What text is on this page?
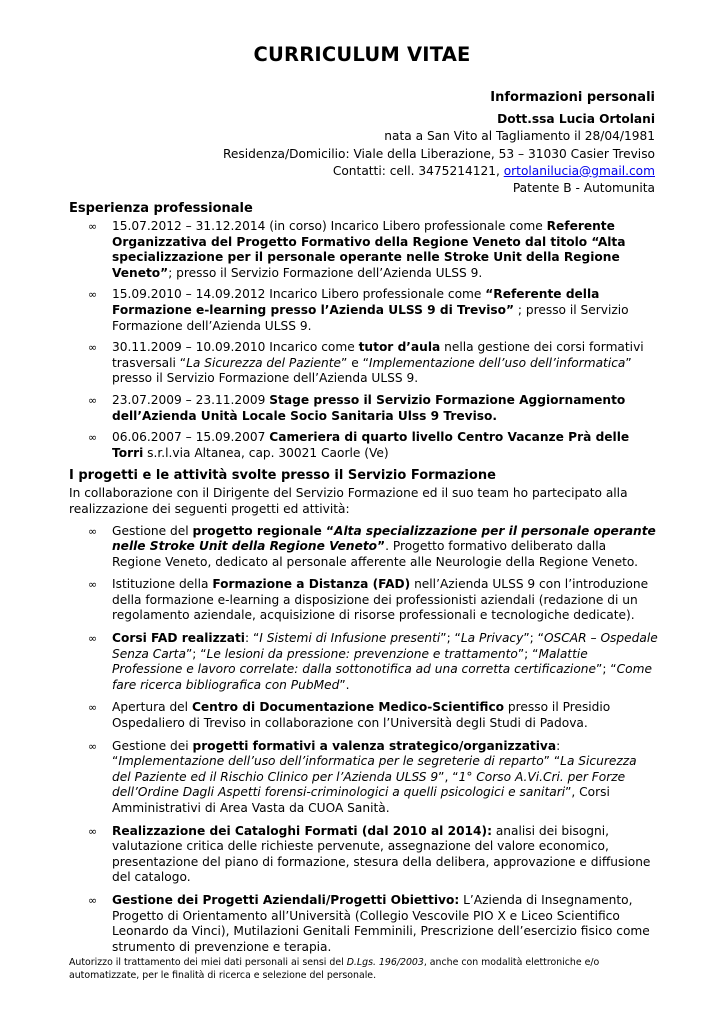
CURRICULUM VITAE
Informazioni personali
Dott.ssa Lucia Ortolani
nata a San Vito al Tagliamento il 28/04/1981
Residenza/Domicilio: Viale della Liberazione, 53 – 31030 Casier Treviso
Contatti: cell. 3475214121, ortolanilucia@gmail.com
Patente B - Automunita
Esperienza professionale
∞ 15.07.2012 – 31.12.2014 (in corso) Incarico Libero professionale come Referente Organizzativa del Progetto Formativo della Regione Veneto dal titolo “Alta specializzazione per il personale operante nelle Stroke Unit della Regione Veneto”; presso il Servizio Formazione dell’Azienda ULSS 9.
∞ 15.09.2010 – 14.09.2012 Incarico Libero professionale come “Referente della Formazione e-learning presso l’Azienda ULSS 9 di Treviso” ; presso il Servizio Formazione dell’Azienda ULSS 9.
∞ 30.11.2009 – 10.09.2010 Incarico come tutor d’aula nella gestione dei corsi formativi trasversali “La Sicurezza del Paziente” e “Implementazione dell’uso dell’informatica” presso il Servizio Formazione dell’Azienda ULSS 9.
∞ 23.07.2009 – 23.11.2009 Stage presso il Servizio Formazione Aggiornamento dell’Azienda Unità Locale Socio Sanitaria Ulss 9 Treviso.
∞ 06.06.2007 – 15.09.2007 Cameriera di quarto livello Centro Vacanze Prà delle Torri s.r.l.via Altanea, cap. 30021 Caorle (Ve)
I progetti e le attività svolte presso il Servizio Formazione

In collaborazione con il Dirigente del Servizio Formazione ed il suo team ho partecipato alla realizzazione dei seguenti progetti ed attività:

∞ Gestione del progetto regionale “Alta specializzazione per il personale operante nelle Stroke Unit della Regione Veneto”. Progetto formativo deliberato dalla Regione Veneto, dedicato al personale afferente alle Neurologie della Regione Veneto.
∞ Istituzione della Formazione a Distanza (FAD) nell’Azienda ULSS 9 con l’introduzione della formazione e-learning a disposizione dei professionisti aziendali (redazione di un regolamento aziendale, acquisizione di risorse professionali e tecnologiche dedicate).
∞ Corsi FAD realizzati: “I Sistemi di Infusione presenti”; “La Privacy”; “OSCAR – Ospedale Senza Carta”; “Le lesioni da pressione: prevenzione e trattamento”; “Malattie Professione e lavoro correlate: dalla sottonotifica ad una corretta certificazione”; “Come fare ricerca bibliografica con PubMed”.
∞ Apertura del Centro di Documentazione Medico-Scientifico presso il Presidio Ospedaliero di Treviso in collaborazione con l’Università degli Studi di Padova.
∞ Gestione dei progetti formativi a valenza strategico/organizzativa: “Implementazione dell’uso dell’informatica per le segreterie di reparto” “La Sicurezza del Paziente ed il Rischio Clinico per l’Azienda ULSS 9”, “1° Corso A.Vi.Cri. per Forze dell’Ordine Dagli Aspetti forensi-criminologici a quelli psicologici e sanitari”, Corsi Amministrativi di Area Vasta da CUOA Sanità.
∞ Realizzazione dei Cataloghi Formati (dal 2010 al 2014): analisi dei bisogni, valutazione critica delle richieste pervenute, assegnazione del valore economico, presentazione del piano di formazione, stesura della delibera, approvazione e diffusione del catalogo.
∞ Gestione dei Progetti Aziendali/Progetti Obiettivo: L’Azienda di Insegnamento, Progetto di Orientamento all’Università (Collegio Vescovile PIO X e Liceo Scientifico Leonardo da Vinci), Mutilazioni Genitali Femminili, Prescrizione dell’esercizio fisico come strumento di prevenzione e terapia.
Autorizzo il trattamento dei miei dati personali ai sensi del D.Lgs. 196/2003, anche con modalità elettroniche e/o automatizzate, per le finalità di ricerca e selezione del personale.
